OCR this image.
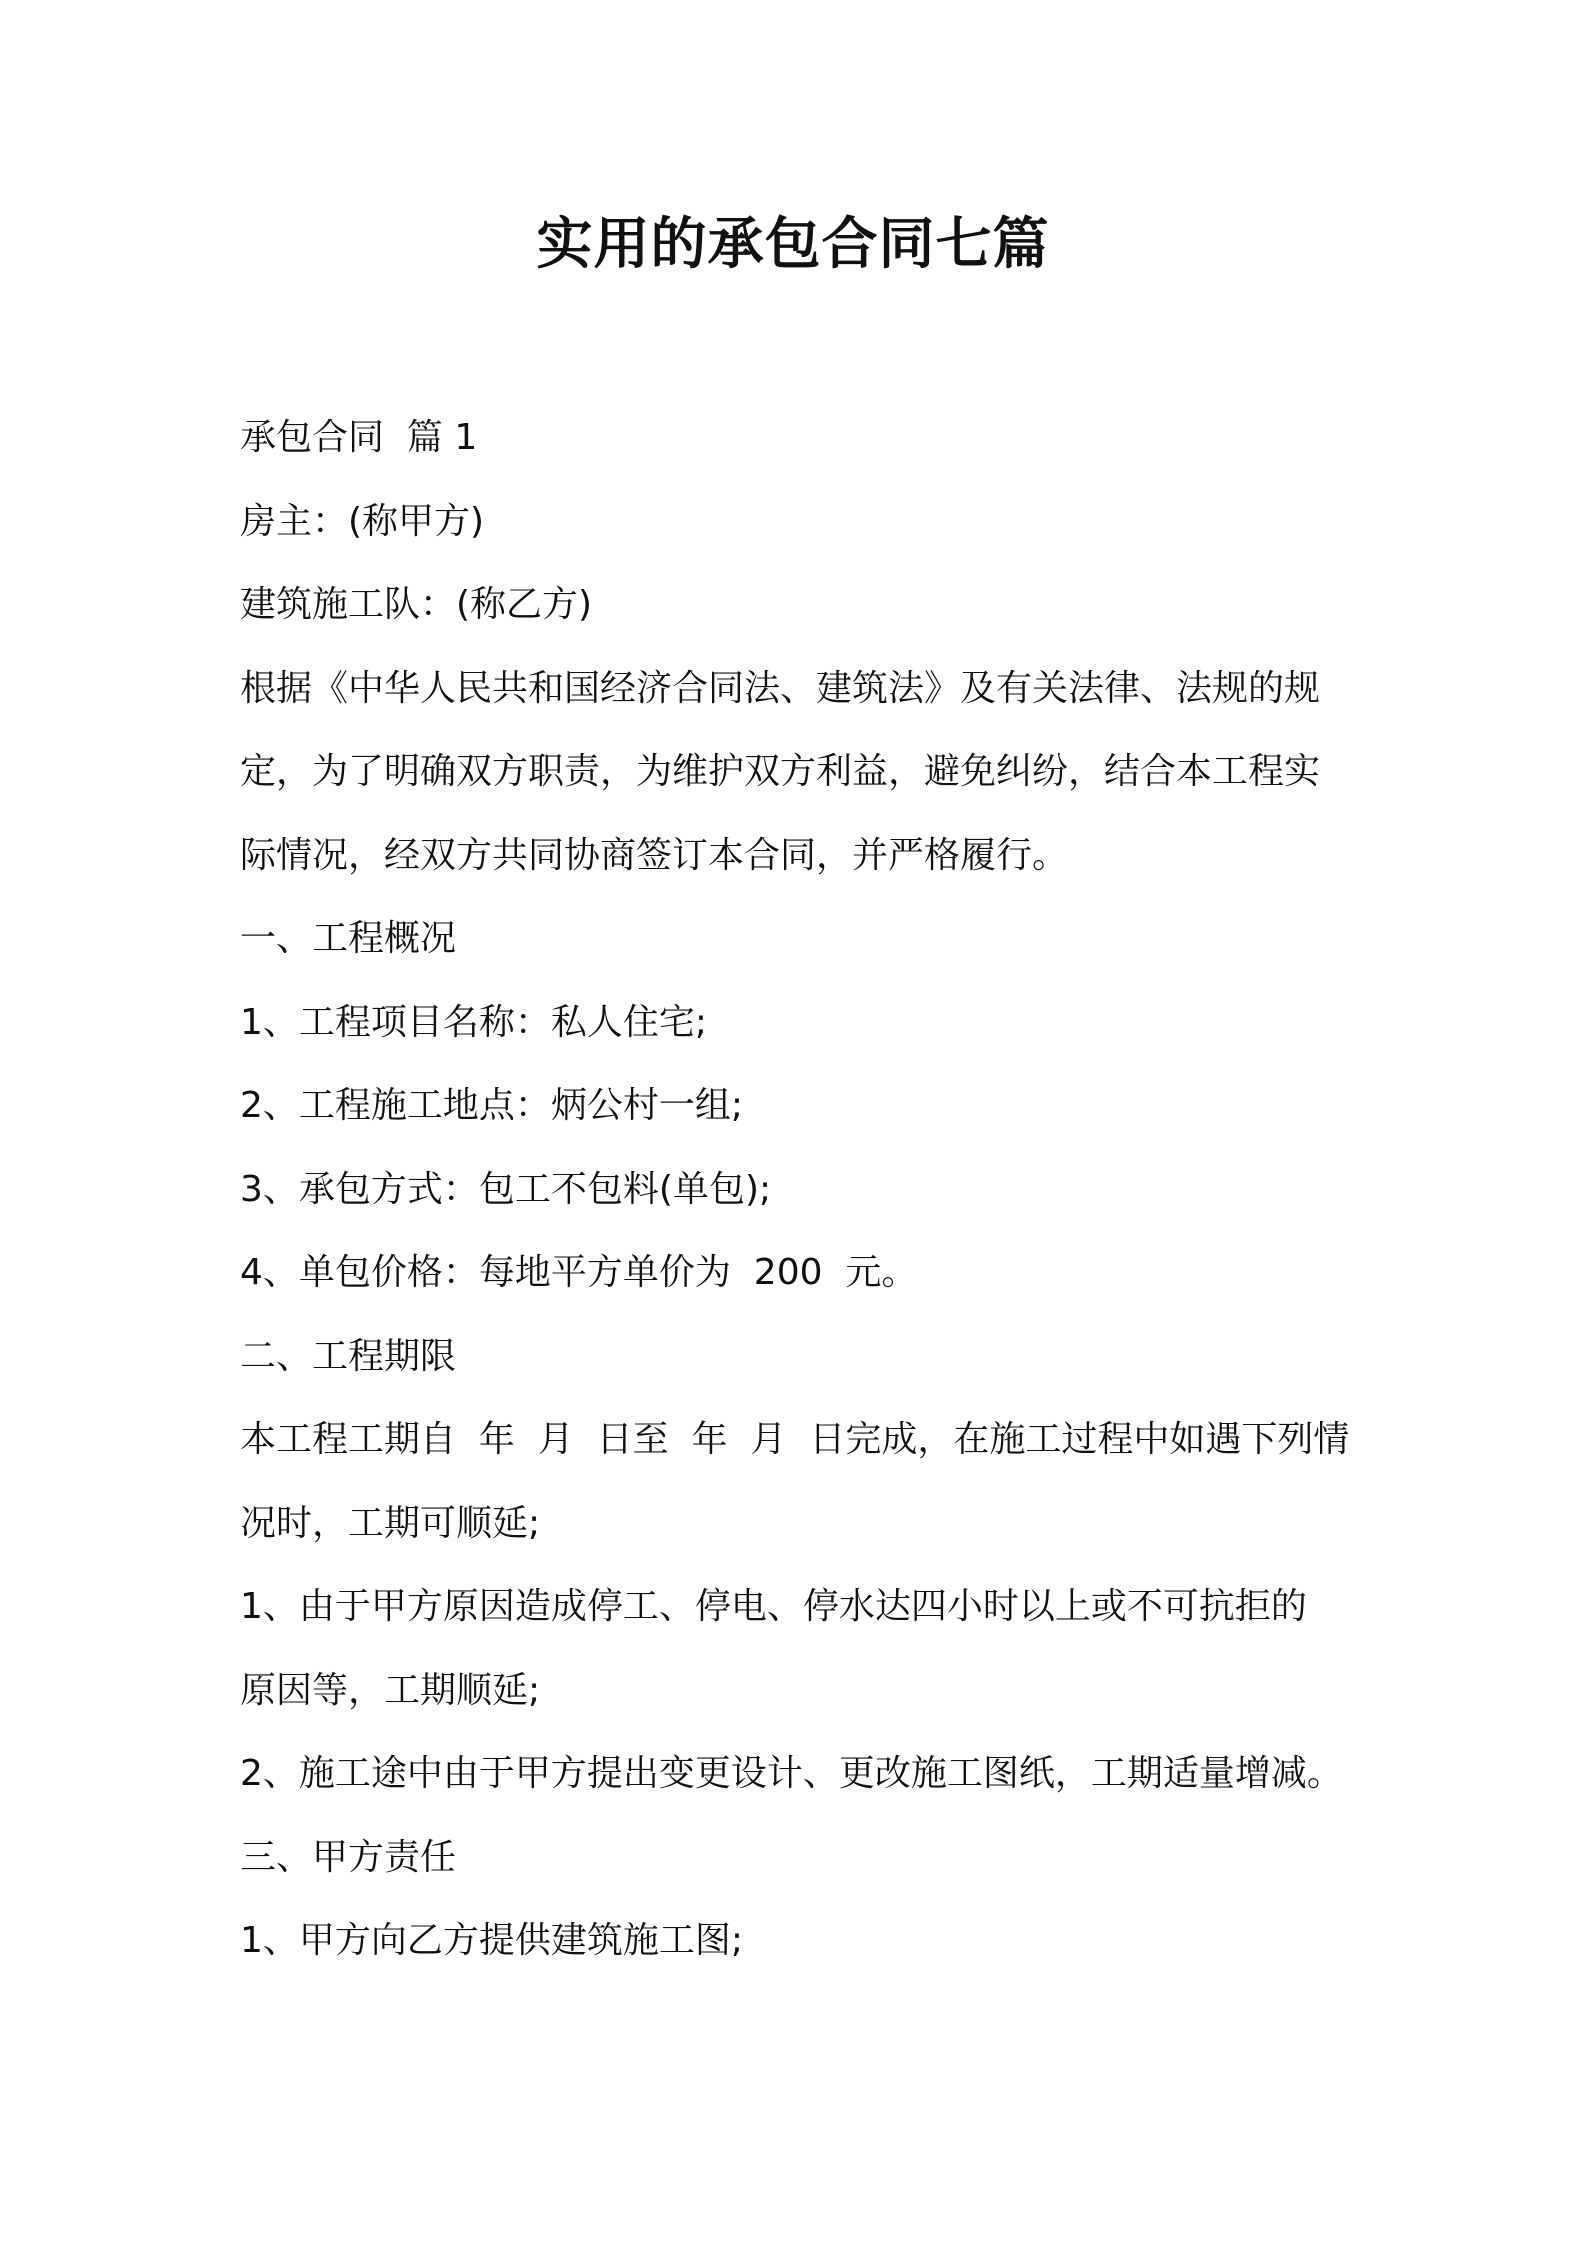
实用的承包合同七篇
承包合同  篇 1
房主：(称甲方)
建筑施工队：(称乙方)
根据《中华人民共和国经济合同法、建筑法》及有关法律、法规的规
定，为了明确双方职责，为维护双方利益，避免纠纷，结合本工程实
际情况，经双方共同协商签订本合同，并严格履行。
一、工程概况
1、工程项目名称：私人住宅;
2、工程施工地点：炳公村一组;
3、承包方式：包工不包料(单包);
4、单包价格：每地平方单价为  200  元。
二、工程期限
本工程工期自  年  月  日至  年  月  日完成，在施工过程中如遇下列情
况时，工期可顺延;
1、由于甲方原因造成停工、停电、停水达四小时以上或不可抗拒的
原因等，工期顺延;
2、施工途中由于甲方提出变更设计、更改施工图纸，工期适量增减。
三、甲方责任
1、甲方向乙方提供建筑施工图;
